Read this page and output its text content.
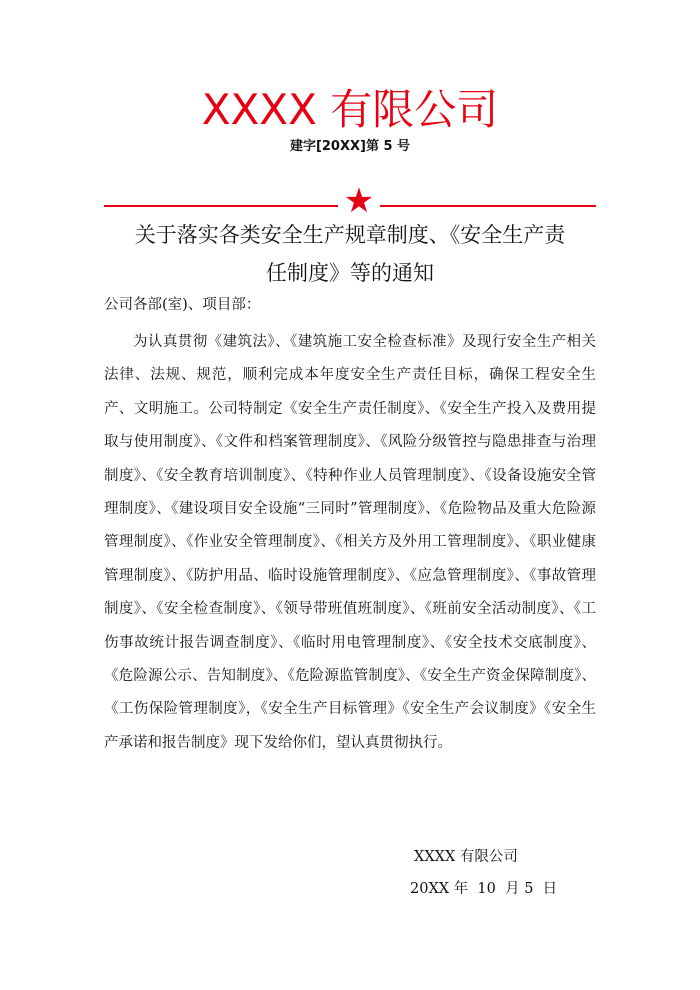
XXXX 有限公司
建字[20XX]第 5 号
★
关于落实各类安全生产规章制度、《安全生产责
任制度》等的通知
公司各部(室)、项目部：
为认真贯彻《建筑法》、《建筑施工安全检查标准》及现行安全生产相关法律、法规、规范，顺利完成本年度安全生产责任目标，确保工程安全生产、文明施工。公司特制定《安全生产责任制度》、《安全生产投入及费用提取与使用制度》、《文件和档案管理制度》、《风险分级管控与隐患排查与治理制度》、《安全教育培训制度》、《特种作业人员管理制度》、《设备设施安全管理制度》、《建设项目安全设施“三同时”管理制度》、《危险物品及重大危险源管理制度》、《作业安全管理制度》、《相关方及外用工管理制度》、《职业健康管理制度》、《防护用品、临时设施管理制度》、《应急管理制度》、《事故管理制度》、《安全检查制度》、《领导带班值班制度》、《班前安全活动制度》、《工伤事故统计报告调查制度》、《临时用电管理制度》、《安全技术交底制度》、《危险源公示、告知制度》、《危险源监管制度》、《安全生产资金保障制度》、《工伤保险管理制度》，《安全生产目标管理》《安全生产会议制度》《安全生产承诺和报告制度》现下发给你们，望认真贯彻执行。
XXXX 有限公司
20XX 年  10  月 5  日
